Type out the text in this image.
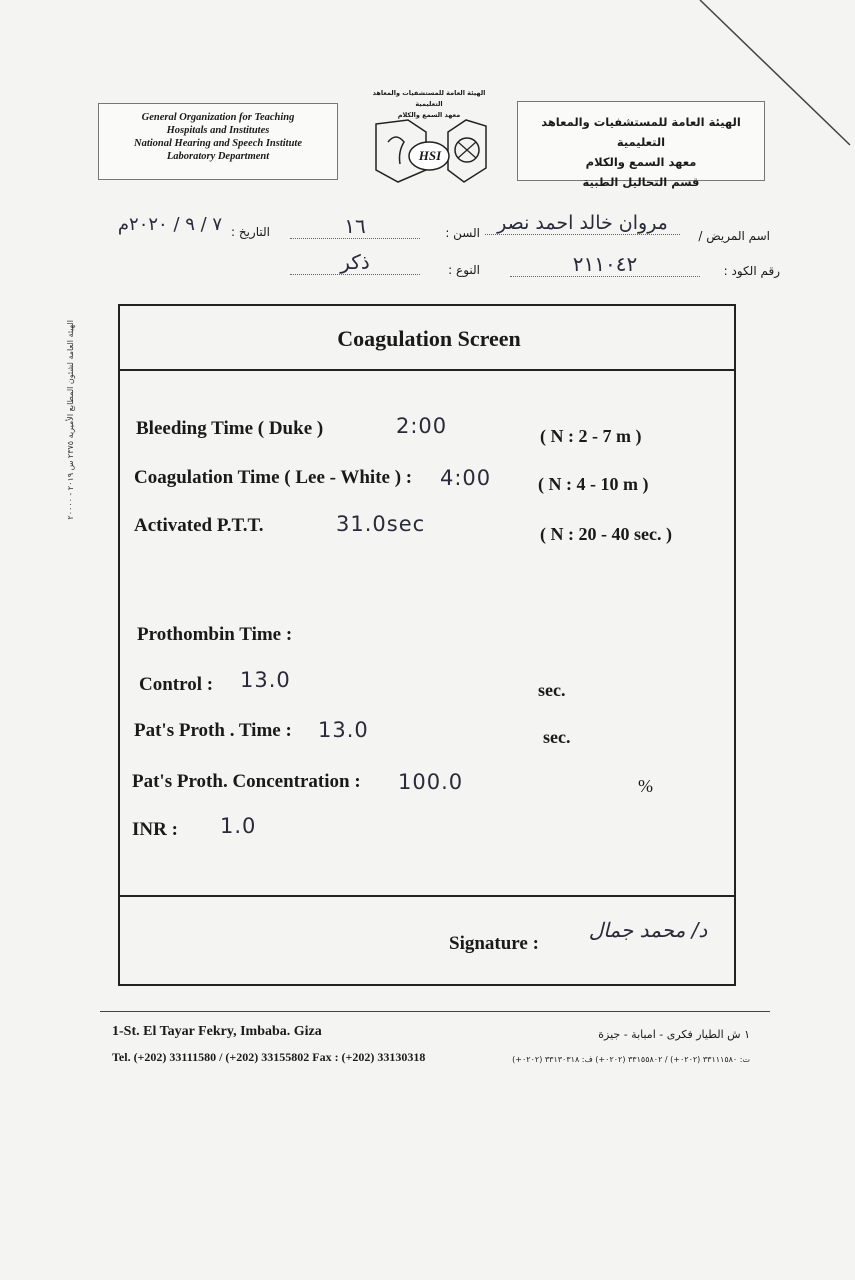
General Organization for Teaching
Hospitals and Institutes
National Hearing and Speech Institute
Laboratory Department
الهيئة العامة للمستشفيات والمعاهد التعليمية
معهد السمع والكلام
HSI
الهيئة العامة للمستشفيات والمعاهد التعليمية
معهد السمع والكلام
قسم التحاليل الطبية
اسم المريض /
مروان خالد احمد نصر
السن :
١٦
التاريخ :
٧ / ٩ / ٢٠٢٠م
رقم الكود :
٢١١٠٤٢
النوع :
ذكر
الهيئة العامة لشئون المطابع الأميرية ٢٣٧٥ س ٢٠١٩ - ٢٠٠٠٠	Coagulation Screen
Bleeding Time ( Duke )	2:00	( N : 2 - 7 m )
Coagulation Time ( Lee - White ) : 4:00	( N : 4 - 10 m )
Activated P.T.T.	31.0sec	( N : 20 - 40 sec. )
Prothombin Time :
Control : 13.0	sec.
Pat's Proth . Time : 13.0	sec.
Pat's Proth. Concentration : 100.0	%
INR : 1.0
Signature :
د/ محمد جمال
1-St. El Tayar Fekry, Imbaba. Giza
Tel. (+202) 33111580 / (+202) 33155802 Fax : (+202) 33130318
١ ش الطيار فكرى - امبابة - جيزة
ت: ٣٣١١١٥٨٠ (٠٢٠٢+) / ٣٣١٥٥٨٠٢ (٠٢٠٢+) ف: ٣٣١٣٠٣١٨ (٠٢٠٢+)
